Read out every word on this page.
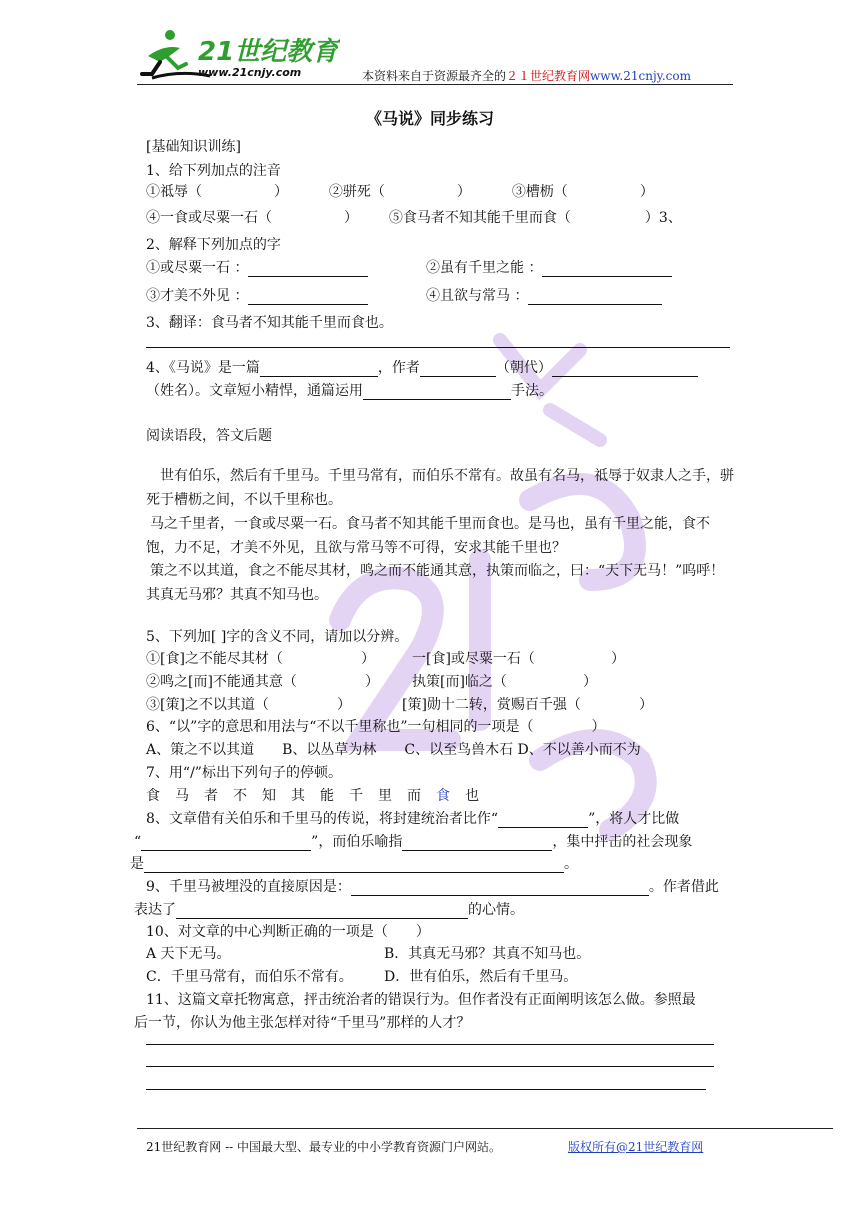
21世纪教育
www.21cnjy.com	本资料来自于资源最齐全的２１世纪教育网www.21cnjy.com
《马说》同步练习
[基础知识训练]
1、给下列加点的注音
①祗辱（	）	②骈死（	）	③槽枥（	）
④一食或尽粟一石（	） ⑤食马者不知其能千里而食（	）3、
2、解释下列加点的字
①或尽粟一石 ：	②虽有千里之能 ：
③才美不外见 ：	④且欲与常马 ：
3、翻译：食马者不知其能千里而食也。
4、《马说》是一篇	，作者	（朝代）
（姓名）。文章短小精悍，通篇运用	手法。
阅读语段，答文后题
世有伯乐，然后有千里马。千里马常有，而伯乐不常有。故虽有名马，祗辱于奴隶人之手，骈死于槽枥之间，不以千里称也。
马之千里者，一食或尽粟一石。食马者不知其能千里而食也。是马也，虽有千里之能，食不饱，力不足，才美不外见，且欲与常马等不可得，安求其能千里也？
策之不以其道，食之不能尽其材，鸣之而不能通其意，执策而临之，曰：“天下无马！”呜呼！其真无马邪？其真不知马也。
5、下列加[ ]字的含义不同，请加以分辨。
①[食]之不能尽其材（	）	一[食]或尽粟一石（	）
②鸣之[而]不能通其意（	） 执策[而]临之（	）
③[策]之不以其道（	）	[策]勋十二转，赏赐百千强（	）
6、“以”字的意思和用法与“不以千里称也”一句相同的一项是（	）
A、策之不以其道　　B、以丛草为林　　C、以至鸟兽木石 D、不以善小而不为
7、用“/”标出下列句子的停顿。
食 马 者 不 知 其 能 千 里 而 食 也
8、文章借有关伯乐和千里马的传说，将封建统治者比作“	”，将人才比做
“	”，而伯乐喻指	，集中抨击的社会现象
是	。
9、千里马被埋没的直接原因是：	。作者借此
表达了	的心情。
10、对文章的中心判断正确的一项是（　　）
A 天下无马。	B．其真无马邪？其真不知马也。
C．千里马常有，而伯乐不常有。 D．世有伯乐，然后有千里马。
11、这篇文章托物寓意，抨击统治者的错误行为。但作者没有正面阐明该怎么做。参照最
后一节，你认为他主张怎样对待“千里马”那样的人才？
21世纪教育网 -- 中国最大型、最专业的中小学教育资源门户网站。	版权所有@21世纪教育网
